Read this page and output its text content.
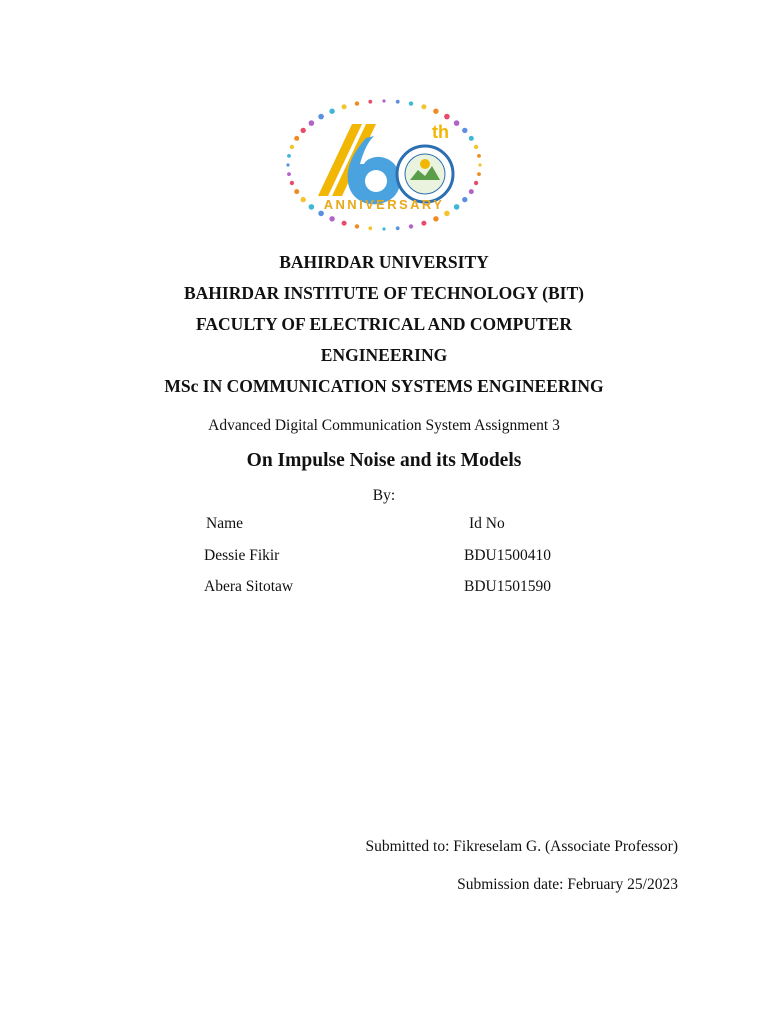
th
ANNIVERSARY
BAHIRDAR UNIVERSITY
BAHIRDAR INSTITUTE OF TECHNOLOGY (BIT)
FACULTY OF ELECTRICAL AND COMPUTER
ENGINEERING
MSc IN COMMUNICATION SYSTEMS ENGINEERING
Advanced Digital Communication System Assignment 3
On Impulse Noise and its Models
By:
Name	Id No
Dessie Fikir	BDU1500410
Abera Sitotaw	BDU1501590
Submitted to: Fikreselam G. (Associate Professor)
Submission date: February 25/2023
